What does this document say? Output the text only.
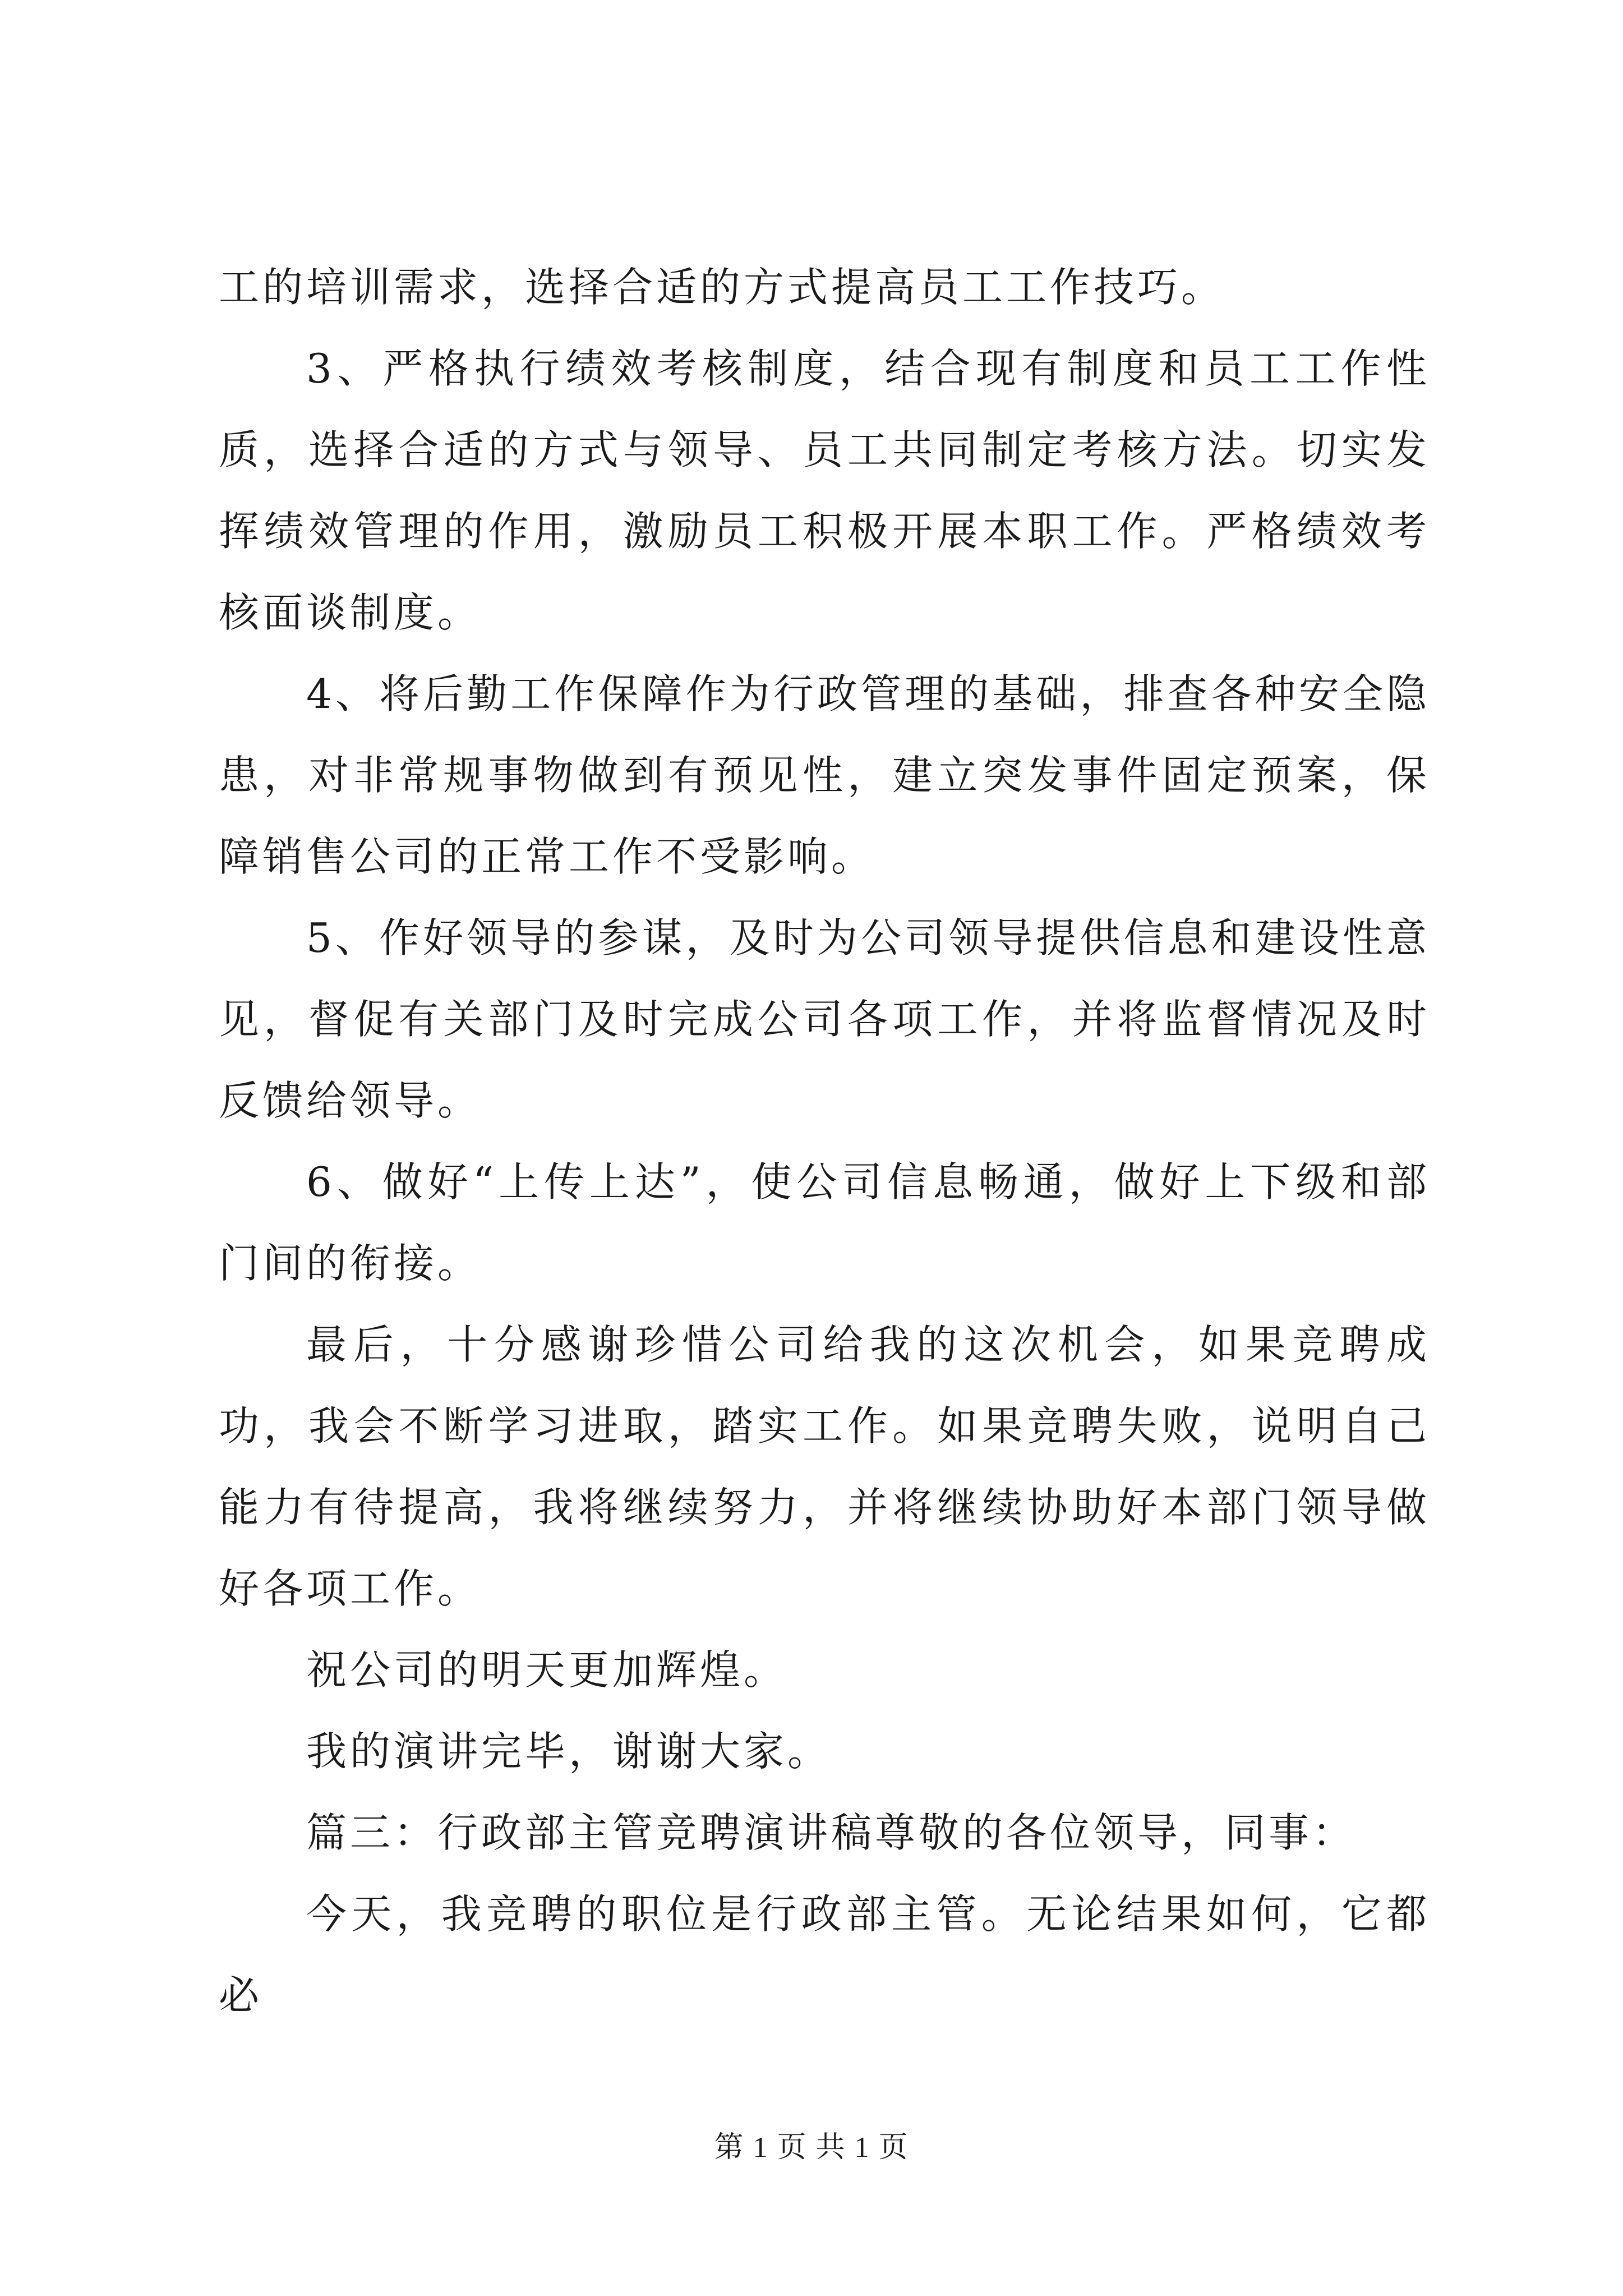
工的培训需求，选择合适的方式提高员工工作技巧。

3、严格执行绩效考核制度，结合现有制度和员工工作性质，选择合适的方式与领导、员工共同制定考核方法。切实发挥绩效管理的作用，激励员工积极开展本职工作。严格绩效考核面谈制度。

4、将后勤工作保障作为行政管理的基础，排查各种安全隐患，对非常规事物做到有预见性，建立突发事件固定预案，保障销售公司的正常工作不受影响。

5、作好领导的参谋，及时为公司领导提供信息和建设性意见，督促有关部门及时完成公司各项工作，并将监督情况及时反馈给领导。

6、做好“上传上达”，使公司信息畅通，做好上下级和部门间的衔接。

最后，十分感谢珍惜公司给我的这次机会，如果竞聘成功，我会不断学习进取，踏实工作。如果竞聘失败，说明自己能力有待提高，我将继续努力，并将继续协助好本部门领导做好各项工作。

祝公司的明天更加辉煌。

我的演讲完毕，谢谢大家。

篇三：行政部主管竞聘演讲稿尊敬的各位领导，同事：

今天，我竞聘的职位是行政部主管。无论结果如何，它都必

第 1 页 共 1 页
